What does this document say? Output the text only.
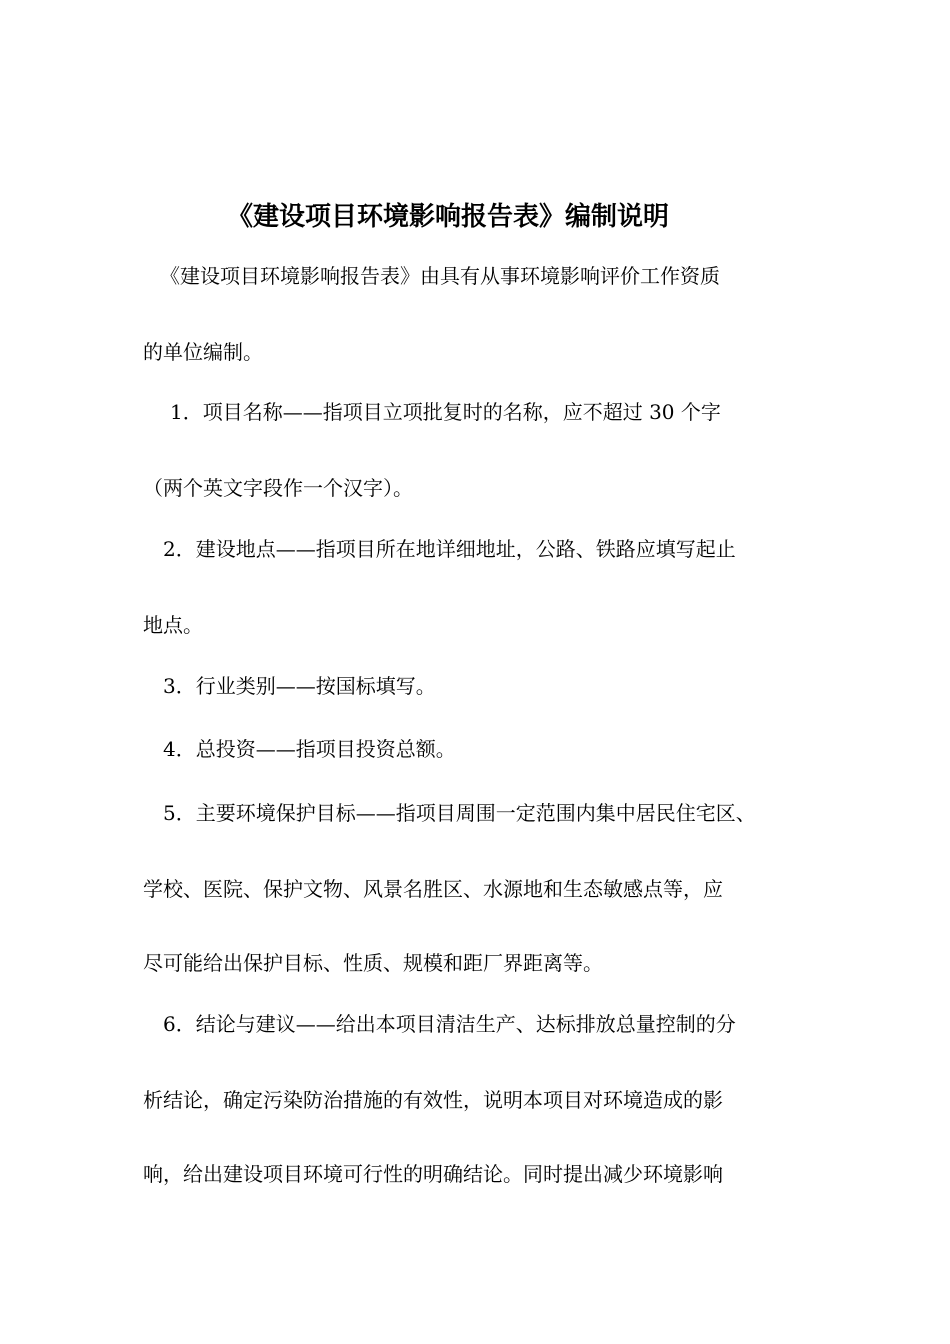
《建设项目环境影响报告表》编制说明
　《建设项目环境影响报告表》由具有从事环境影响评价工作资质
的单位编制。
　1．项目名称——指项目立项批复时的名称，应不超过 30 个字
（两个英文字段作一个汉字）。
　2．建设地点——指项目所在地详细地址，公路、铁路应填写起止
地点。
　3．行业类别——按国标填写。
　4．总投资——指项目投资总额。
　5．主要环境保护目标——指项目周围一定范围内集中居民住宅区、
学校、医院、保护文物、风景名胜区、水源地和生态敏感点等，应
尽可能给出保护目标、性质、规模和距厂界距离等。
　6．结论与建议——给出本项目清洁生产、达标排放总量控制的分
析结论，确定污染防治措施的有效性，说明本项目对环境造成的影
响，给出建设项目环境可行性的明确结论。同时提出减少环境影响
